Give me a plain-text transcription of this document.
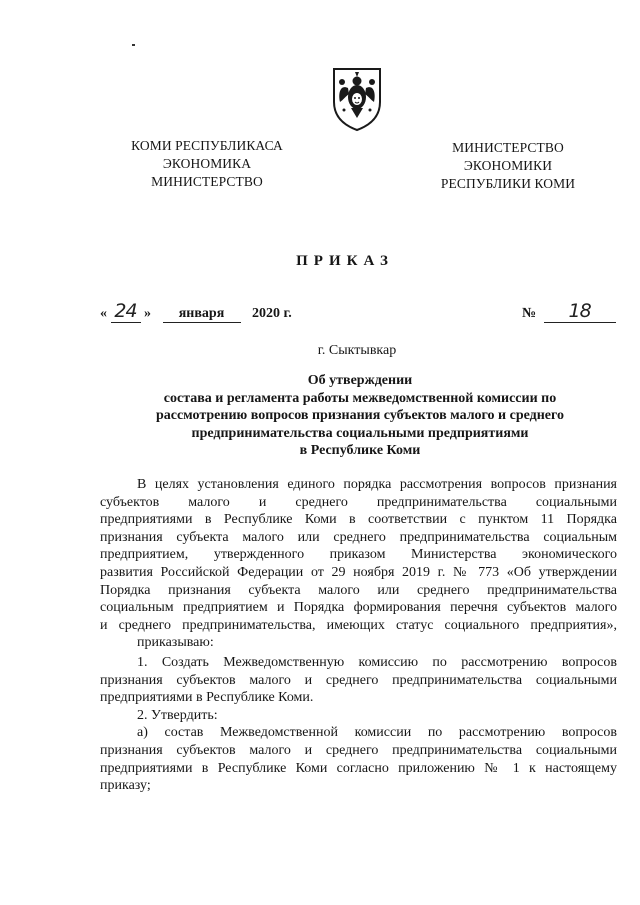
КОМИ РЕСПУБЛИКАСА
ЭКОНОМИКА
МИНИСТЕРСТВО
МИНИСТЕРСТВО
ЭКОНОМИКИ
РЕСПУБЛИКИ КОМИ
ПРИКАЗ
« 24 » января 2020 г.	№ 18
г. Сыктывкар
Об утверждении
состава и регламента работы межведомственной комиссии по
рассмотрению вопросов признания субъектов малого и среднего
предпринимательства социальными предприятиями
в Республике Коми
В целях установления единого порядка рассмотрения вопросов признания
субъектов малого и среднего предпринимательства социальными
предприятиями в Республике Коми в соответствии с пунктом 11 Порядка
признания субъекта малого или среднего предпринимательства социальным
предприятием, утвержденного приказом Министерства экономического
развития Российской Федерации от 29 ноября 2019 г. № 773 «Об утверждении
Порядка признания субъекта малого или среднего предпринимательства
социальным предприятием и Порядка формирования перечня субъектов малого
и среднего предпринимательства, имеющих статус социального предприятия»,
приказываю:
1. Создать Межведомственную комиссию по рассмотрению вопросов
признания субъектов малого и среднего предпринимательства социальными
предприятиями в Республике Коми.
2. Утвердить:
а) состав Межведомственной комиссии по рассмотрению вопросов
признания субъектов малого и среднего предпринимательства социальными
предприятиями в Республике Коми согласно приложению № 1 к настоящему
приказу;
